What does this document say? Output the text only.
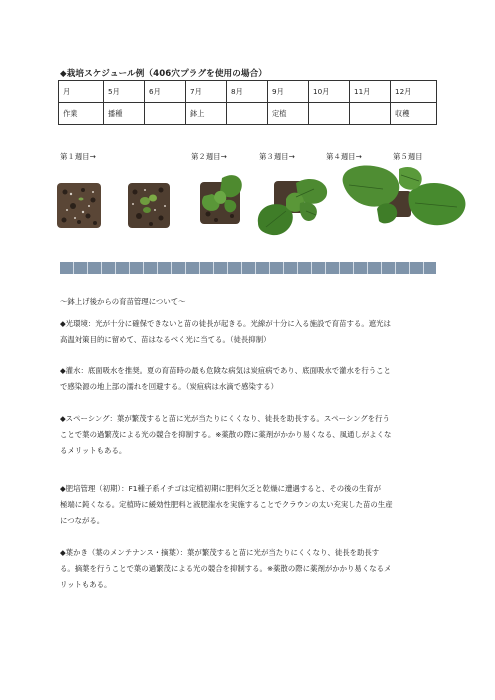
◆栽培スケジュール例（406穴プラグを使用の場合）
月	5月	6月	7月	8月	9月	10月	11月	12月
作業	播種		鉢上		定植			収穫
第１週目→	第２週目→	第３週目→	第４週目→	第５週目
～鉢上げ後からの育苗管理について～
◆光環境：光が十分に確保できないと苗の徒長が起きる。光線が十分に入る施設で育苗する。遮光は
高温対策目的に留めて、苗はなるべく光に当てる。（徒長抑制）
◆灌水：底面吸水を推奨。夏の育苗時の最も危険な病気は炭疽病であり、底面吸水で灌水を行うこと
で感染源の地上部の濡れを回避する。（炭疽病は水滴で感染する）
◆スペーシング：葉が繁茂すると苗に光が当たりにくくなり、徒長を助長する。スペーシングを行う
ことで葉の過繁茂による光の競合を抑制する。※薬散の際に薬剤がかかり易くなる、風通しがよくな
るメリットもある。
◆肥培管理（初期）：F1種子系イチゴは定植初期に肥料欠乏と乾燥に遭遇すると、その後の生育が
極端に鈍くなる。定植時に緩効性肥料と液肥潅水を実施することでクラウンの太い充実した苗の生産
につながる。
◆葉かき（葉のメンテナンス・摘葉）：葉が繁茂すると苗に光が当たりにくくなり、徒長を助長す
る。摘葉を行うことで葉の過繁茂による光の競合を抑制する。※薬散の際に薬剤がかかり易くなるメ
リットもある。
